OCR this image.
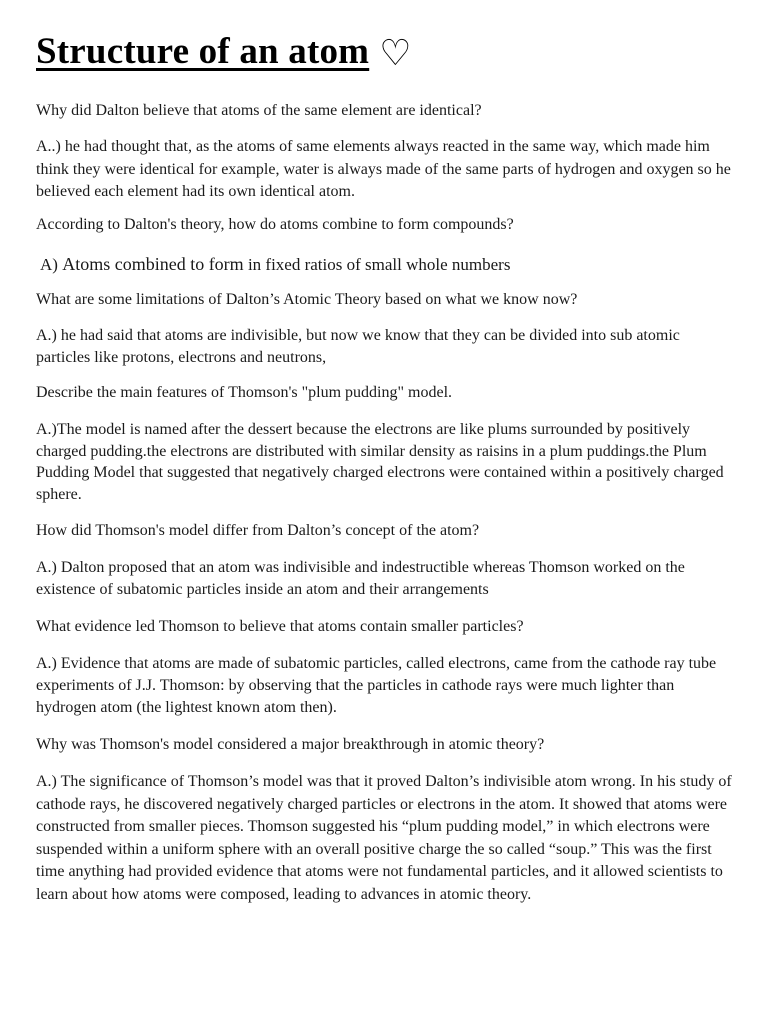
Structure of an atom ♡
Why did Dalton believe that atoms of the same element are identical?
A..) he had thought that, as the atoms of same elements always reacted in the same way, which made him think they were identical for example, water is always made of the same parts of hydrogen and oxygen so he believed each element had its own identical atom.
According to Dalton's theory, how do atoms combine to form compounds?
A) Atoms combined to form in fixed ratios of small whole numbers
What are some limitations of Dalton’s Atomic Theory based on what we know now?
A.) he had said that atoms are indivisible, but now we know that they can be divided into sub atomic particles like protons, electrons and neutrons,
Describe the main features of Thomson's "plum pudding" model.
A.)The model is named after the dessert because the electrons are like plums surrounded by positively charged pudding.the electrons are distributed with similar density as raisins in a plum puddings.the Plum Pudding Model that suggested that negatively charged electrons were contained within a positively charged sphere.
How did Thomson's model differ from Dalton’s concept of the atom?
A.) Dalton proposed that an atom was indivisible and indestructible whereas Thomson worked on the existence of subatomic particles inside an atom and their arrangements
What evidence led Thomson to believe that atoms contain smaller particles?
A.) Evidence that atoms are made of subatomic particles, called electrons, came from the cathode ray tube experiments of J.J. Thomson: by observing that the particles in cathode rays were much lighter than hydrogen atom (the lightest known atom then).
Why was Thomson's model considered a major breakthrough in atomic theory?
A.) The significance of Thomson’s model was that it proved Dalton’s indivisible atom wrong. In his study of cathode rays, he discovered negatively charged particles or electrons in the atom. It showed that atoms were constructed from smaller pieces. Thomson suggested his “plum pudding model,” in which electrons were suspended within a uniform sphere with an overall positive charge the so called “soup.” This was the first time anything had provided evidence that atoms were not fundamental particles, and it allowed scientists to learn about how atoms were composed, leading to advances in atomic theory.
